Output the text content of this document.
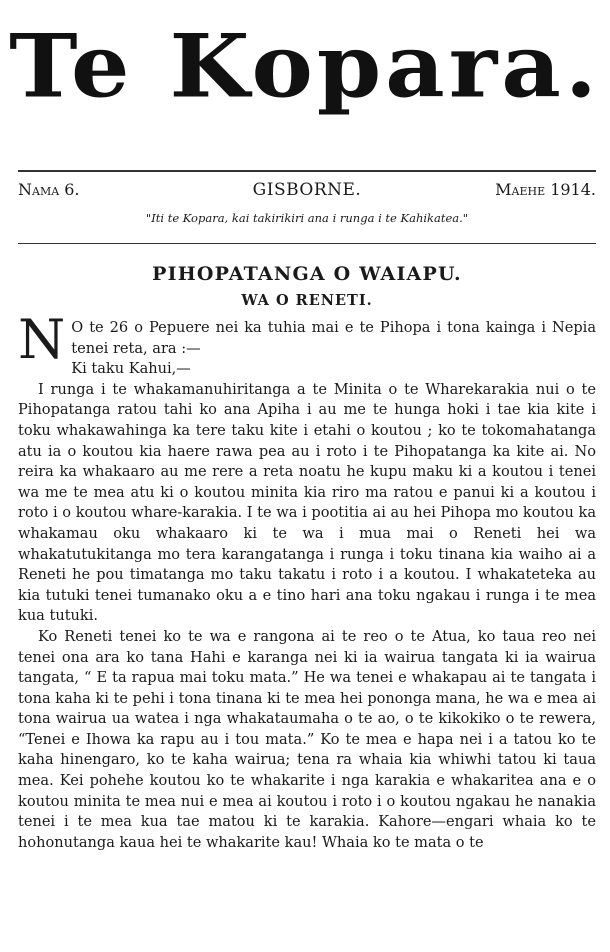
Te Kopara.
Nama 6.	GISBORNE.	Maehe 1914.
"Iti te Kopara, kai takirikiri ana i runga i te Kahikatea."
PIHOPATANGA O WAIAPU.
WA O RENETI.

N O te 26 o Pepuere nei ka tuhia mai e te Pihopa i tona kainga i Nepia tenei reta, ara :—

Ki taku Kahui,—

I runga i te whakamanuhiritanga a te Minita o te Wharekarakia nui o te Pihopatanga ratou tahi ko ana Apiha i au me te hunga hoki i tae kia kite i toku whakawahinga ka tere taku kite i etahi o koutou ; ko te tokomahatanga atu ia o koutou kia haere rawa pea au i roto i te Pihopatanga ka kite ai. No reira ka whakaaro au me rere a reta noatu he kupu maku ki a koutou i tenei wa me te mea atu ki o koutou minita kia riro ma ratou e panui ki a koutou i roto i o koutou whare-karakia. I te wa i pootitia ai au hei Pihopa mo koutou ka whakamau oku whakaaro ki te wa i mua mai o Reneti hei wa whakatutukitanga mo tera karangatanga i runga i toku tinana kia waiho ai a Reneti he pou timatanga mo taku takatu i roto i a koutou. I whakateteka au kia tutuki tenei tumanako oku a e tino hari ana toku ngakau i runga i te mea kua tutuki.

Ko Reneti tenei ko te wa e rangona ai te reo o te Atua, ko taua reo nei tenei ona ara ko tana Hahi e karanga nei ki ia wairua tangata ki ia wairua tangata, “ E ta rapua mai toku mata.” He wa tenei e whakapau ai te tangata i tona kaha ki te pehi i tona tinana ki te mea hei pononga mana, he wa e mea ai tona wairua ua watea i nga whakataumaha o te ao, o te kikokiko o te rewera, “Tenei e Ihowa ka rapu au i tou mata.” Ko te mea e hapa nei i a tatou ko te kaha hinengaro, ko te kaha wairua; tena ra whaia kia whiwhi tatou ki taua mea. Kei pohehe koutou ko te whakarite i nga karakia e whakaritea ana e o koutou minita te mea nui e mea ai koutou i roto i o koutou ngakau he nanakia tenei i te mea kua tae matou ki te karakia. Kahore—engari whaia ko te hohonutanga kaua hei te whakarite kau! Whaia ko te mata o te
